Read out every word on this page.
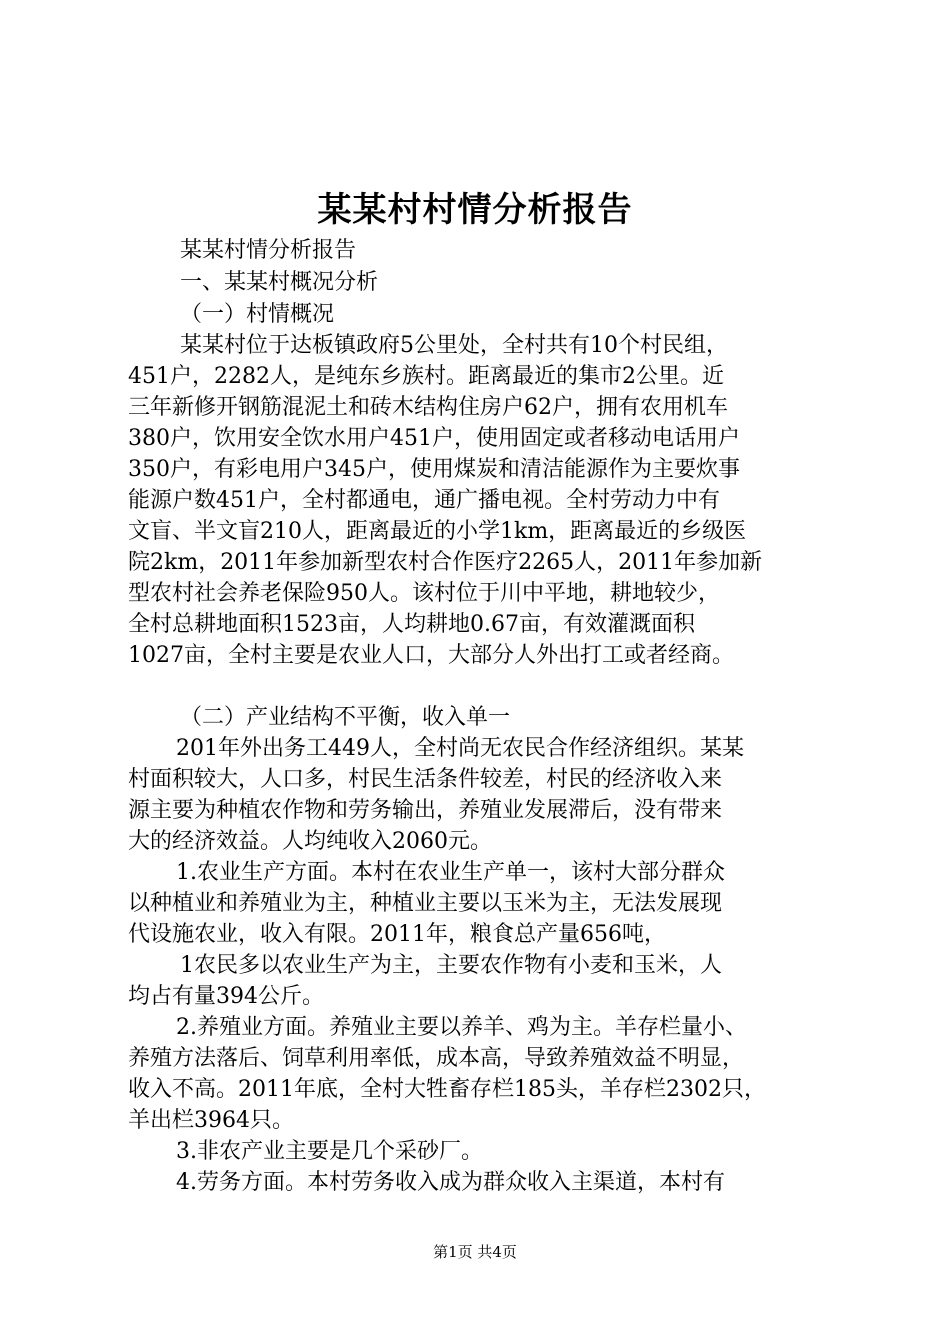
某某村村情分析报告
某某村情分析报告
一、某某村概况分析
（一）村情概况
某某村位于达板镇政府5公里处，全村共有10个村民组，
451户，2282人，是纯东乡族村。距离最近的集市2公里。近
三年新修开钢筋混泥土和砖木结构住房户62户，拥有农用机车
380户，饮用安全饮水用户451户，使用固定或者移动电话用户
350户，有彩电用户345户，使用煤炭和清洁能源作为主要炊事
能源户数451户，全村都通电，通广播电视。全村劳动力中有
文盲、半文盲210人，距离最近的小学1km，距离最近的乡级医
院2km，2011年参加新型农村合作医疗2265人，2011年参加新
型农村社会养老保险950人。该村位于川中平地，耕地较少，
全村总耕地面积1523亩，人均耕地0.67亩，有效灌溉面积
1027亩，全村主要是农业人口，大部分人外出打工或者经商。
（二）产业结构不平衡，收入单一
201年外出务工449人，全村尚无农民合作经济组织。某某
村面积较大，人口多，村民生活条件较差，村民的经济收入来
源主要为种植农作物和劳务输出，养殖业发展滞后，没有带来
大的经济效益。人均纯收入2060元。
1.农业生产方面。本村在农业生产单一，该村大部分群众
以种植业和养殖业为主，种植业主要以玉米为主，无法发展现
代设施农业，收入有限。2011年，粮食总产量656吨，
1农民多以农业生产为主，主要农作物有小麦和玉米，人
均占有量394公斤。
2.养殖业方面。养殖业主要以养羊、鸡为主。羊存栏量小、
养殖方法落后、饲草利用率低，成本高，导致养殖效益不明显，
收入不高。2011年底，全村大牲畜存栏185头，羊存栏2302只，
羊出栏3964只。
3.非农产业主要是几个采砂厂。
4.劳务方面。本村劳务收入成为群众收入主渠道，本村有
第1页 共4页
